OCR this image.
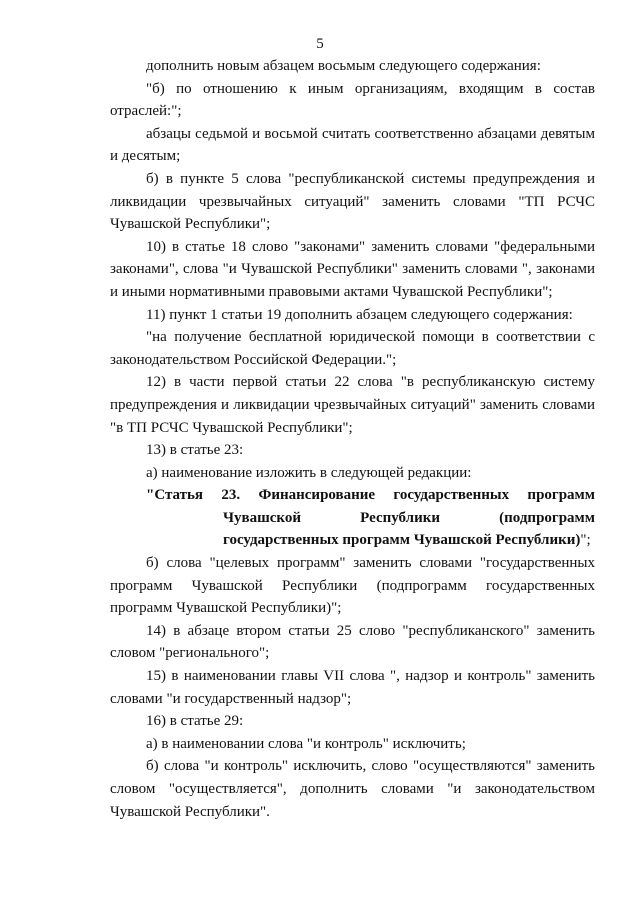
5

дополнить новым абзацем восьмым следующего содержания:

"б) по отношению к иным организациям, входящим в состав отраслей:";

абзацы седьмой и восьмой считать соответственно абзацами девятым и десятым;

б) в пункте 5 слова "республиканской системы предупреждения и ликвидации чрезвычайных ситуаций" заменить словами "ТП РСЧС Чувашской Республики";

10) в статье 18 слово "законами" заменить словами "федеральными законами", слова "и Чувашской Республики" заменить словами ", законами и иными нормативными правовыми актами Чувашской Республики";

11) пункт 1 статьи 19 дополнить абзацем следующего содержания:

"на получение бесплатной юридической помощи в соответствии с законодательством Российской Федерации.";

12) в части первой статьи 22 слова "в республиканскую систему предупреждения и ликвидации чрезвычайных ситуаций" заменить словами "в ТП РСЧС Чувашской Республики";

13) в статье 23:

а) наименование изложить в следующей редакции:

"Статья 23. Финансирование государственных программ Чувашской Республики (подпрограмм государственных программ Чувашской Республики)";

б) слова "целевых программ" заменить словами "государственных программ Чувашской Республики (подпрограмм государственных программ Чувашской Республики)";

14) в абзаце втором статьи 25 слово "республиканского" заменить словом "регионального";

15) в наименовании главы VII слова ", надзор и контроль" заменить словами "и государственный надзор";

16) в статье 29:

а) в наименовании слова "и контроль" исключить;

б) слова "и контроль" исключить, слово "осуществляются" заменить словом "осуществляется", дополнить словами "и законодательством Чувашской Республики".
